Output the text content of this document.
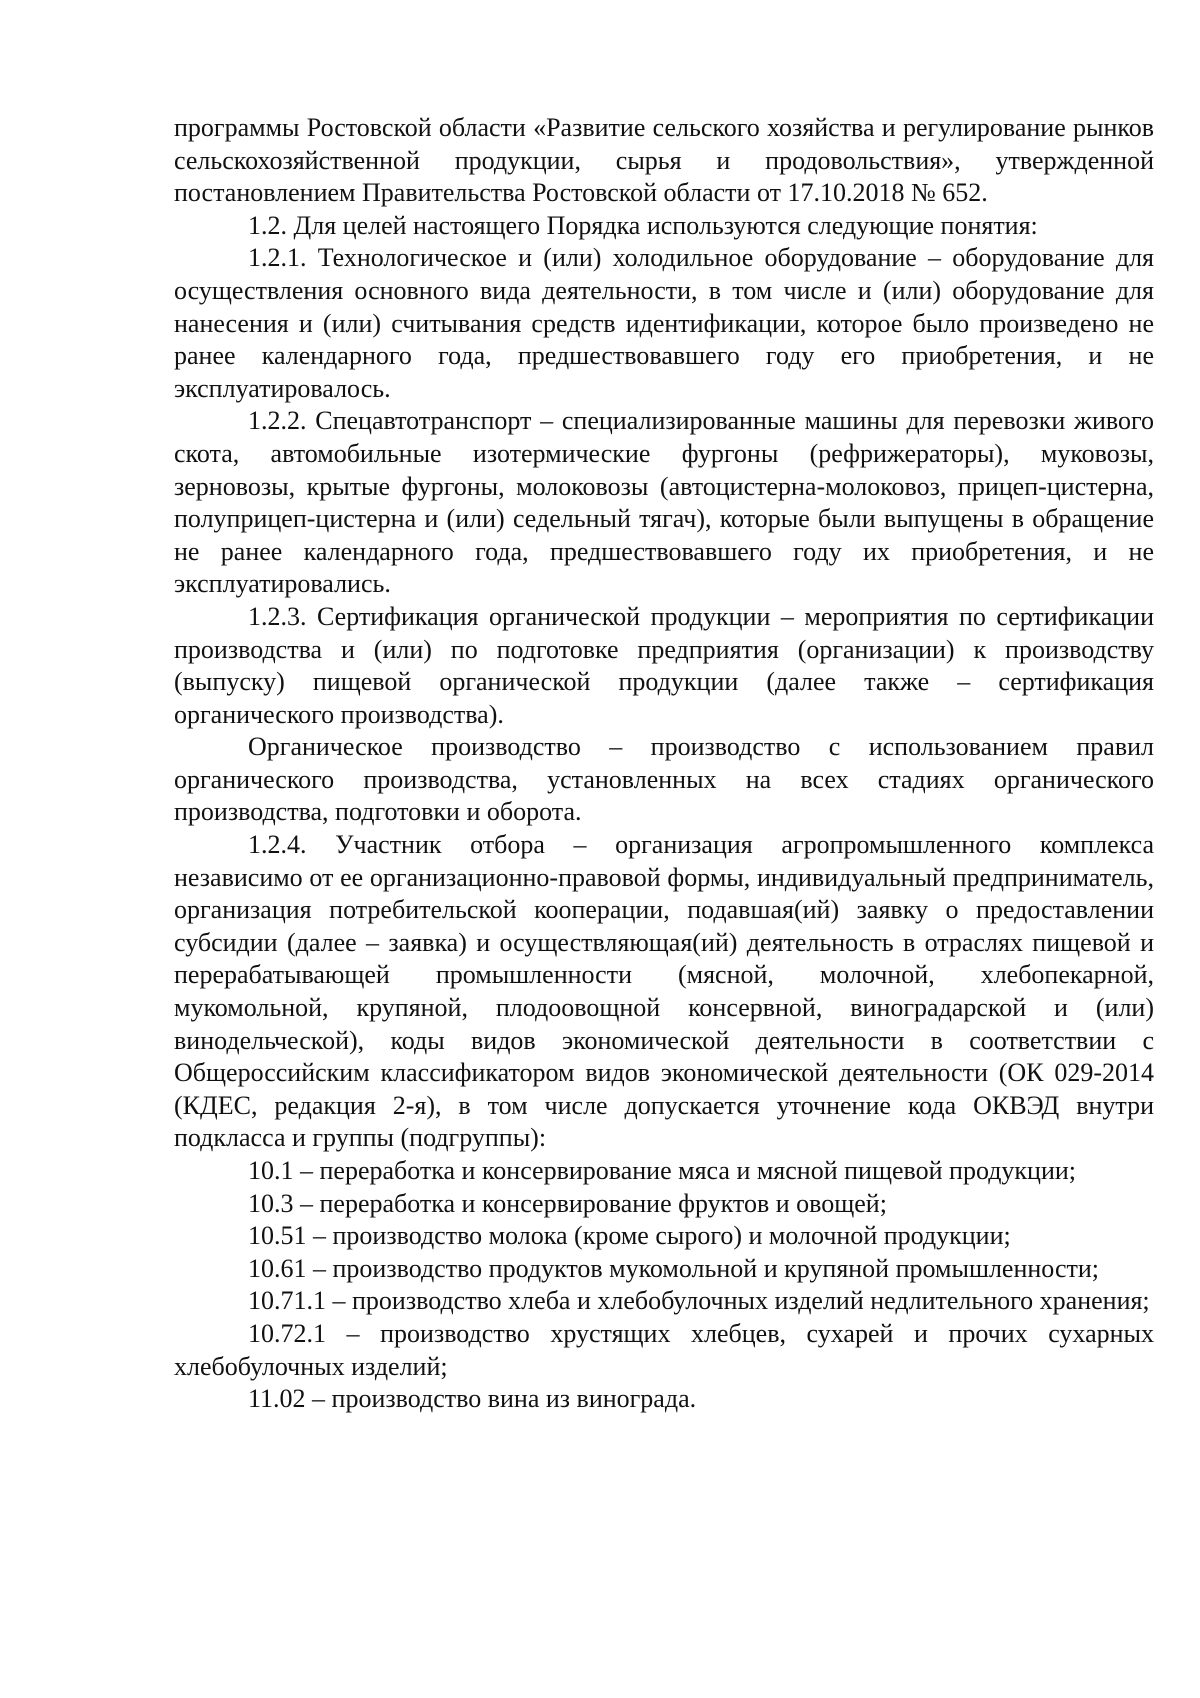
программы Ростовской области «Развитие сельского хозяйства и регулирование рынков сельскохозяйственной продукции, сырья и продовольствия», утвержденной постановлением Правительства Ростовской области от 17.10.2018 № 652.

1.2. Для целей настоящего Порядка используются следующие понятия:

1.2.1. Технологическое и (или) холодильное оборудование – оборудование для осуществления основного вида деятельности, в том числе и (или) оборудование для нанесения и (или) считывания средств идентификации, которое было произведено не ранее календарного года, предшествовавшего году его приобретения, и не эксплуатировалось.

1.2.2. Спецавтотранспорт – специализированные машины для перевозки живого скота, автомобильные изотермические фургоны (рефрижераторы), муковозы, зерновозы, крытые фургоны, молоковозы (автоцистерна-молоковоз, прицеп-цистерна, полуприцеп-цистерна и (или) седельный тягач), которые были выпущены в обращение не ранее календарного года, предшествовавшего году их приобретения, и не эксплуатировались.

1.2.3. Сертификация органической продукции – мероприятия по сертификации производства и (или) по подготовке предприятия (организации) к производству (выпуску) пищевой органической продукции (далее также – сертификация органического производства).

Органическое производство – производство с использованием правил органического производства, установленных на всех стадиях органического производства, подготовки и оборота.

1.2.4. Участник отбора – организация агропромышленного комплекса независимо от ее организационно-правовой формы, индивидуальный предприниматель, организация потребительской кооперации, подавшая(ий) заявку о предоставлении субсидии (далее – заявка) и осуществляющая(ий) деятельность в отраслях пищевой и перерабатывающей промышленности (мясной, молочной, хлебопекарной, мукомольной, крупяной, плодоовощной консервной, виноградарской и (или) винодельческой), коды видов экономической деятельности в соответствии с Общероссийским классификатором видов экономической деятельности (ОК 029-2014 (КДЕС, редакция 2-я), в том числе допускается уточнение кода ОКВЭД внутри подкласса и группы (подгруппы):

10.1 – переработка и консервирование мяса и мясной пищевой продукции;

10.3 – переработка и консервирование фруктов и овощей;

10.51 – производство молока (кроме сырого) и молочной продукции;

10.61 – производство продуктов мукомольной и крупяной промышленности;

10.71.1 – производство хлеба и хлебобулочных изделий недлительного хранения;

10.72.1 – производство хрустящих хлебцев, сухарей и прочих сухарных хлебобулочных изделий;

11.02 – производство вина из винограда.
